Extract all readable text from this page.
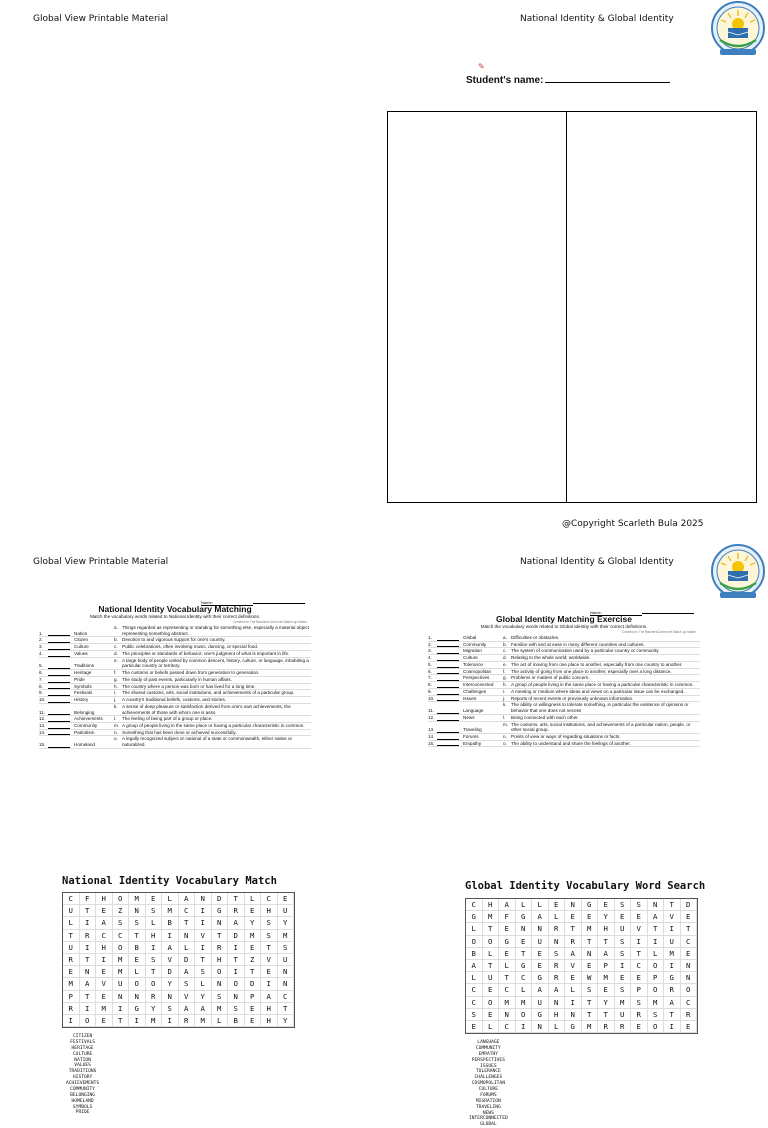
Global View Printable Material	National Identity & Global Identity
✎
Student's name:
@Copyright Scarleth Bula 2025
Global View Printable Material	National Identity & Global Identity
Name:
National Identity Vocabulary Matching
Match the vocabulary words related to National Identity with their correct definitions.
Created on TheTeachersCorner.net Match-up Maker
1.		Nation	a.	Things regarded as representing or standing for something else, especially a material object representing something abstract.
2.		Citizen	b.	Devotion to and vigorous support for one's country.
3.		Culture	c.	Public celebrations, often involving music, dancing, or special food.
4.		Values	d.	The principles or standards of behavior; one's judgment of what is important in life.
5.		Traditions	e.	A large body of people united by common descent, history, culture, or language, inhabiting a particular country or territory.
6.		Heritage	f.	The customs or beliefs passed down from generation to generation.
7.		Pride	g.	The study of past events, particularly in human affairs.
8.		Symbols	h.	The country where a person was born or has lived for a long time.
9.		Festivals	i.	The shared customs, arts, social institutions, and achievements of a particular group.
10.		History	j.	A country's traditional beliefs, customs, and stories.
11.		Belonging	k.	A sense of deep pleasure or satisfaction derived from one's own achievements, the achievements of those with whom one is asso
12.		Achievements	l.	The feeling of being part of a group or place.
13.		Community	m.	A group of people living in the same place or having a particular characteristic in common.
14.		Patriotism	n.	Something that has been done or achieved successfully.
15.		Homeland	o.	A legally recognized subject or national of a state or commonwealth, either native or naturalized.
Name:
Global Identity Matching Exercise
Match the vocabulary words related to Global Identity with their correct definitions.
Created on TheTeachersCorner.net Match-up Maker
1.		Global	a.	Difficulties or obstacles.
2.		Community	b.	Familiar with and at ease in many different countries and cultures.
3.		Migration	c.	The system of communication used by a particular country or community.
4.		Culture	d.	Relating to the whole world; worldwide.
5.		Tolerance	e.	The act of moving from one place to another, especially from one country to another.
6.		Cosmopolitan	f.	The activity of going from one place to another, especially over a long distance.
7.		Perspectives	g.	Problems or matters of public concern.
8.		Interconnected	h.	A group of people living in the same place or having a particular characteristic in common.
9.		Challenges	i.	A meeting or medium where ideas and views on a particular issue can be exchanged.
10.		Issues	j.	Reports of recent events or previously unknown information.
11.		Language	k.	The ability or willingness to tolerate something, in particular the existence of opinions or behavior that one does not necess
12.		News	l.	Being connected with each other.
13.		Traveling	m.	The customs, arts, social institutions, and achievements of a particular nation, people, or other social group.
14.		Forums	n.	Points of view or ways of regarding situations or facts.
15.		Empathy	o.	The ability to understand and share the feelings of another.
National Identity Vocabulary Match
C	F	H	O	M	E	L	A	N	D	T	L	C	E
U	T	E	Z	N	S	M	C	I	G	R	E	H	U
L	I	A	S	S	L	B	T	I	N	A	Y	S	Y
T	R	C	C	T	H	I	N	V	T	D	M	S	M
U	I	H	O	B	I	A	L	I	R	I	E	T	S
R	T	I	M	E	S	V	D	T	H	T	Z	V	U
E	N	E	M	L	T	D	A	S	O	I	T	E	N
M	A	V	U	O	O	Y	S	L	N	O	D	I	N
P	T	E	N	N	R	N	V	Y	S	N	P	A	C
R	I	M	I	G	Y	S	A	A	M	S	E	H	T
I	O	E	T	I	M	I	R	M	L	B	E	H	Y
CITIZEN
FESTIVALS
HERITAGE
CULTURE
NATION
VALUES
TRADITIONS
HISTORY
ACHIEVEMENTS
COMMUNITY
BELONGING
HOMELAND
SYMBOLS
PRIDE
Global Identity Vocabulary Word Search
C	H	A	L	L	E	N	G	E	S	S	N	T	D
G	M	F	G	A	L	E	E	Y	E	E	A	V	E
L	T	E	N	N	R	T	M	H	U	V	T	I	T
O	O	G	E	U	N	R	T	T	S	I	I	U	C
B	L	E	T	E	S	A	N	A	S	T	L	M	E
A	T	L	G	E	R	V	E	P	I	C	O	I	N
L	U	T	C	G	R	E	W	M	E	E	P	G	N
C	E	C	L	A	A	L	S	E	S	P	O	R	O
C	O	M	M	U	N	I	T	Y	M	S	M	A	C
S	E	N	O	G	H	N	T	T	U	R	S	T	R
E	L	C	I	N	L	G	M	R	R	E	O	I	E
LANGUAGE
COMMUNITY
EMPATHY
PERSPECTIVES
ISSUES
TOLERANCE
CHALLENGES
COSMOPOLITAN
CULTURE
FORUMS
MIGRATION
TRAVELING
NEWS
INTERCONNECTED
GLOBAL
